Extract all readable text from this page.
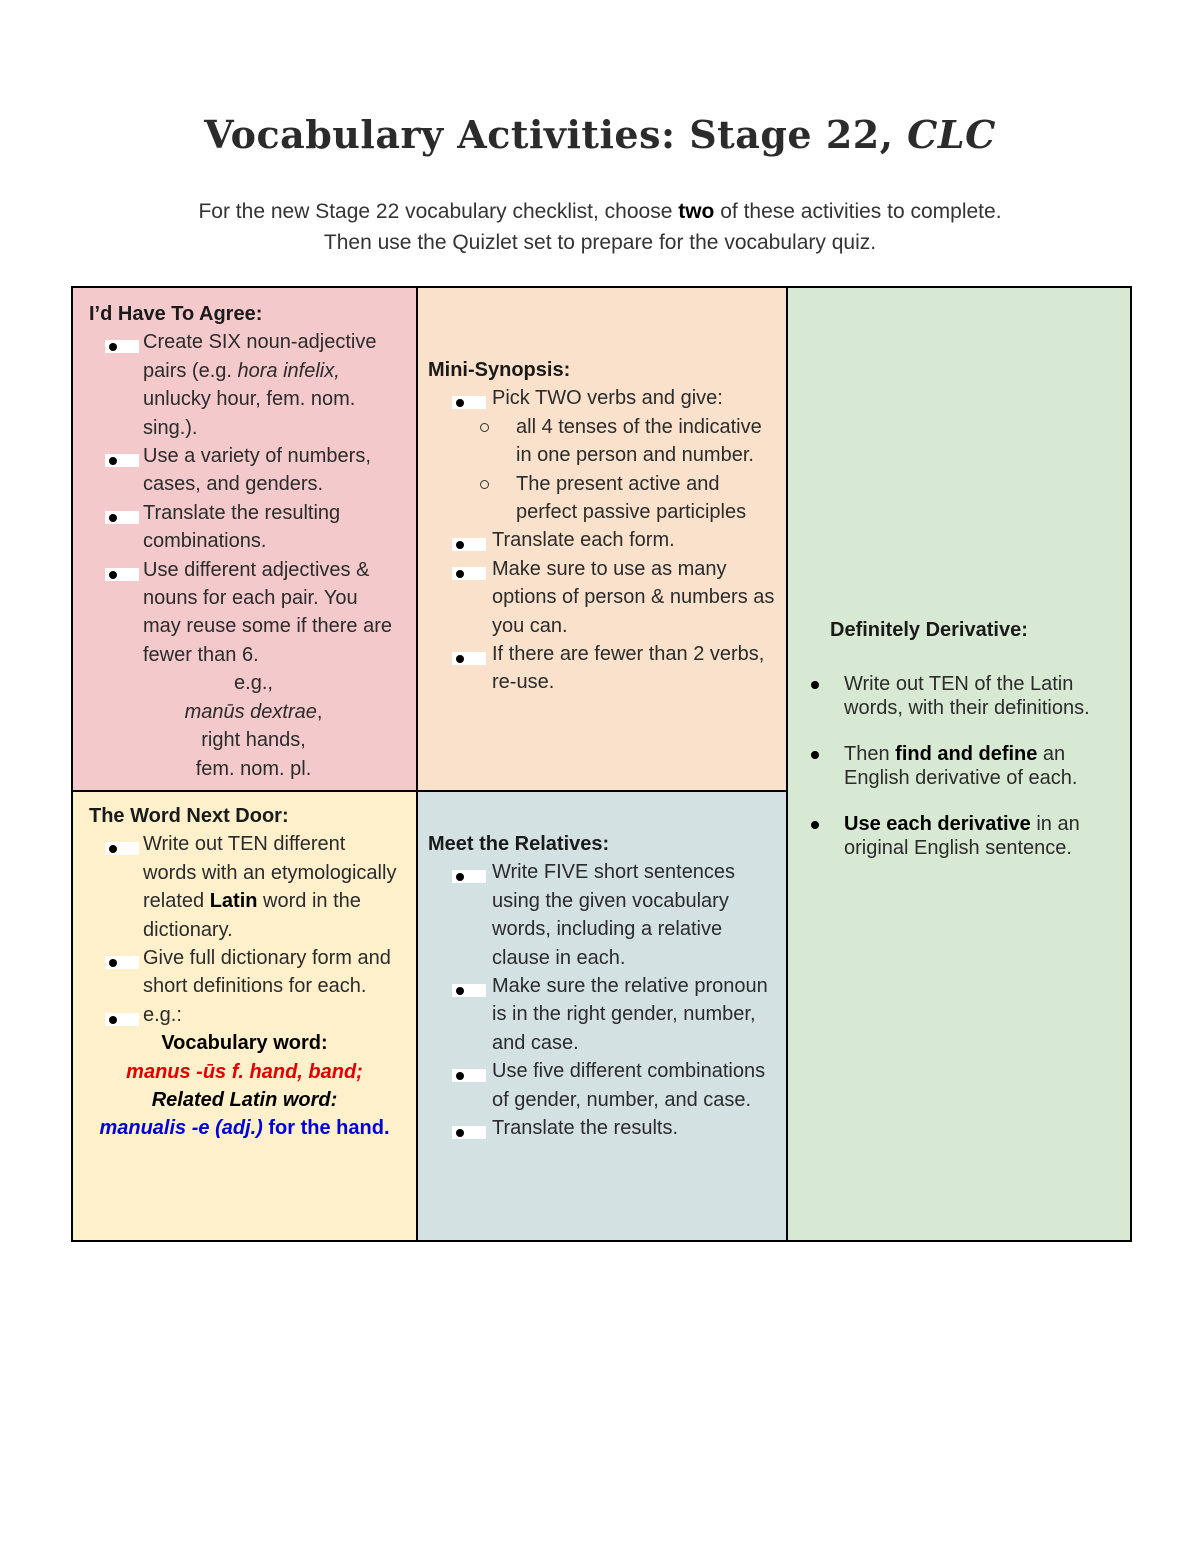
Vocabulary Activities: Stage 22, CLC
For the new Stage 22 vocabulary checklist, choose two of these activities to complete.
Then use the Quizlet set to prepare for the vocabulary quiz.
I’d Have To Agree:
Create SIX noun-adjective pairs (e.g. hora infelix, unlucky hour, fem. nom. sing.).
Use a variety of numbers, cases, and genders.
Translate the resulting combinations.
Use different adjectives & nouns for each pair. You may reuse some if there are fewer than 6.
e.g.,
manūs dextrae,
right hands,
fem. nom. pl.
Mini-Synopsis:
Pick TWO verbs and give:
all 4 tenses of the indicative in one person and number.
The present active and perfect passive participles
Translate each form.
Make sure to use as many options of person & numbers as you can.
If there are fewer than 2 verbs, re-use.
Definitely Derivative:
Write out TEN of the Latin words, with their definitions.
Then find and define an English derivative of each.
Use each derivative in an original English sentence.
The Word Next Door:
Write out TEN different words with an etymologically related Latin word in the dictionary.
Give full dictionary form and short definitions for each.
e.g.:
Vocabulary word:
manus -ūs f. hand, band;
Related Latin word:
manualis -e (adj.) for the hand.
Meet the Relatives:
Write FIVE short sentences using the given vocabulary words, including a relative clause in each.
Make sure the relative pronoun is in the right gender, number, and case.
Use five different combinations of gender, number, and case.
Translate the results.
